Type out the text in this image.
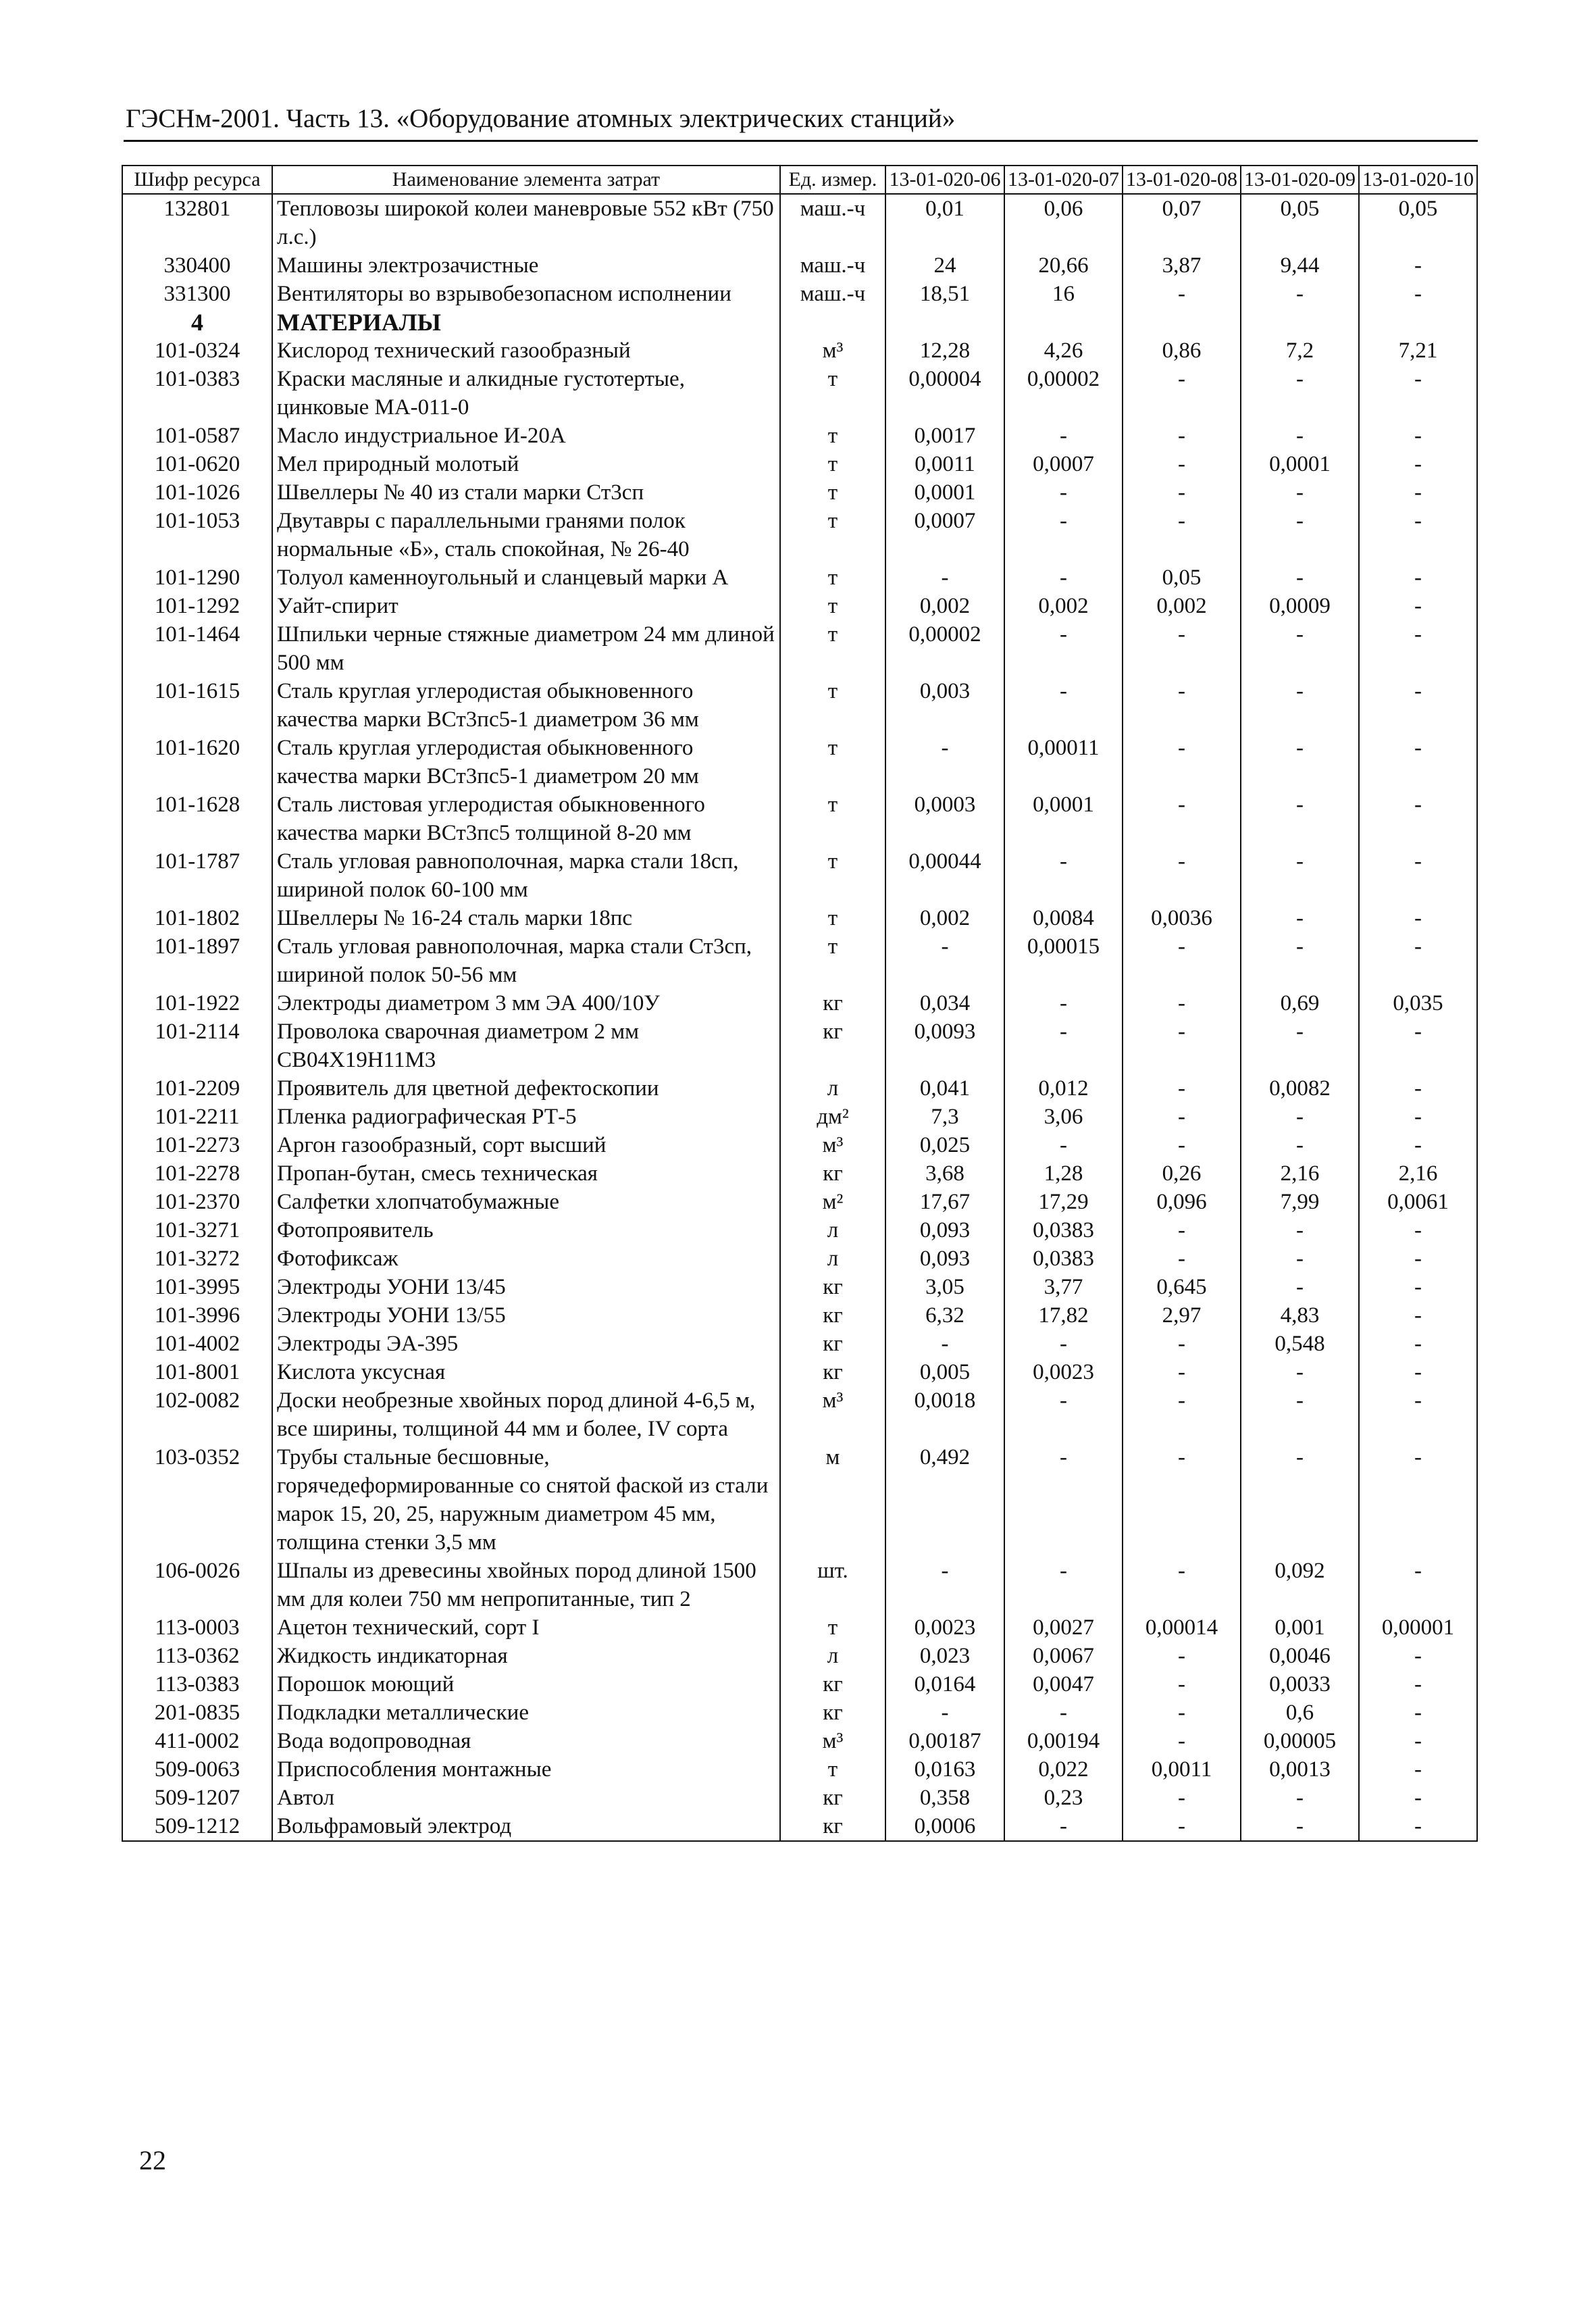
ГЭСНм-2001. Часть 13. «Оборудование атомных электрических станций»
Шифр ресурса	Наименование элемента затрат	Ед. измер.	13-01-020-06	13-01-020-07	13-01-020-08	13-01-020-09	13-01-020-10
132801	Тепловозы широкой колеи маневровые 552 кВт (750 л.с.)	маш.-ч	0,01	0,06	0,07	0,05	0,05
330400	Машины электрозачистные	маш.-ч	24	20,66	3,87	9,44	-
331300	Вентиляторы во взрывобезопасном исполнении	маш.-ч	18,51	16	-	-	-
4	МАТЕРИАЛЫ						
101-0324	Кислород технический газообразный	м³	12,28	4,26	0,86	7,2	7,21
101-0383	Краски масляные и алкидные густотертые, цинковые МА-011-0	т	0,00004	0,00002	-	-	-
101-0587	Масло индустриальное И-20А	т	0,0017	-	-	-	-
101-0620	Мел природный молотый	т	0,0011	0,0007	-	0,0001	-
101-1026	Швеллеры № 40 из стали марки Ст3сп	т	0,0001	-	-	-	-
101-1053	Двутавры с параллельными гранями полок нормальные «Б», сталь спокойная, № 26-40	т	0,0007	-	-	-	-
101-1290	Толуол каменноугольный и сланцевый марки А	т	-	-	0,05	-	-
101-1292	Уайт-спирит	т	0,002	0,002	0,002	0,0009	-
101-1464	Шпильки черные стяжные диаметром 24 мм длиной 500 мм	т	0,00002	-	-	-	-
101-1615	Сталь круглая углеродистая обыкновенного качества марки ВСт3пс5-1 диаметром 36 мм	т	0,003	-	-	-	-
101-1620	Сталь круглая углеродистая обыкновенного качества марки ВСт3пс5-1 диаметром 20 мм	т	-	0,00011	-	-	-
101-1628	Сталь листовая углеродистая обыкновенного качества марки ВСт3пс5 толщиной 8-20 мм	т	0,0003	0,0001	-	-	-
101-1787	Сталь угловая равнополочная, марка стали 18сп, шириной полок 60-100 мм	т	0,00044	-	-	-	-
101-1802	Швеллеры № 16-24 сталь марки 18пс	т	0,002	0,0084	0,0036	-	-
101-1897	Сталь угловая равнополочная, марка стали Ст3сп, шириной полок 50-56 мм	т	-	0,00015	-	-	-
101-1922	Электроды диаметром 3 мм ЭА 400/10У	кг	0,034	-	-	0,69	0,035
101-2114	Проволока сварочная диаметром 2 мм СВ04Х19Н11М3	кг	0,0093	-	-	-	-
101-2209	Проявитель для цветной дефектоскопии	л	0,041	0,012	-	0,0082	-
101-2211	Пленка радиографическая РТ-5	дм²	7,3	3,06	-	-	-
101-2273	Аргон газообразный, сорт высший	м³	0,025	-	-	-	-
101-2278	Пропан-бутан, смесь техническая	кг	3,68	1,28	0,26	2,16	2,16
101-2370	Салфетки хлопчатобумажные	м²	17,67	17,29	0,096	7,99	0,0061
101-3271	Фотопроявитель	л	0,093	0,0383	-	-	-
101-3272	Фотофиксаж	л	0,093	0,0383	-	-	-
101-3995	Электроды УОНИ 13/45	кг	3,05	3,77	0,645	-	-
101-3996	Электроды УОНИ 13/55	кг	6,32	17,82	2,97	4,83	-
101-4002	Электроды ЭА-395	кг	-	-	-	0,548	-
101-8001	Кислота уксусная	кг	0,005	0,0023	-	-	-
102-0082	Доски необрезные хвойных пород длиной 4-6,5 м, все ширины, толщиной 44 мм и более, IV сорта	м³	0,0018	-	-	-	-
103-0352	Трубы стальные бесшовные, горячедеформированные со снятой фаской из стали марок 15, 20, 25, наружным диаметром 45 мм, толщина стенки 3,5 мм	м	0,492	-	-	-	-
106-0026	Шпалы из древесины хвойных пород длиной 1500 мм для колеи 750 мм непропитанные, тип 2	шт.	-	-	-	0,092	-
113-0003	Ацетон технический, сорт I	т	0,0023	0,0027	0,00014	0,001	0,00001
113-0362	Жидкость индикаторная	л	0,023	0,0067	-	0,0046	-
113-0383	Порошок моющий	кг	0,0164	0,0047	-	0,0033	-
201-0835	Подкладки металлические	кг	-	-	-	0,6	-
411-0002	Вода водопроводная	м³	0,00187	0,00194	-	0,00005	-
509-0063	Приспособления монтажные	т	0,0163	0,022	0,0011	0,0013	-
509-1207	Автол	кг	0,358	0,23	-	-	-
509-1212	Вольфрамовый электрод	кг	0,0006	-	-	-	-
22
